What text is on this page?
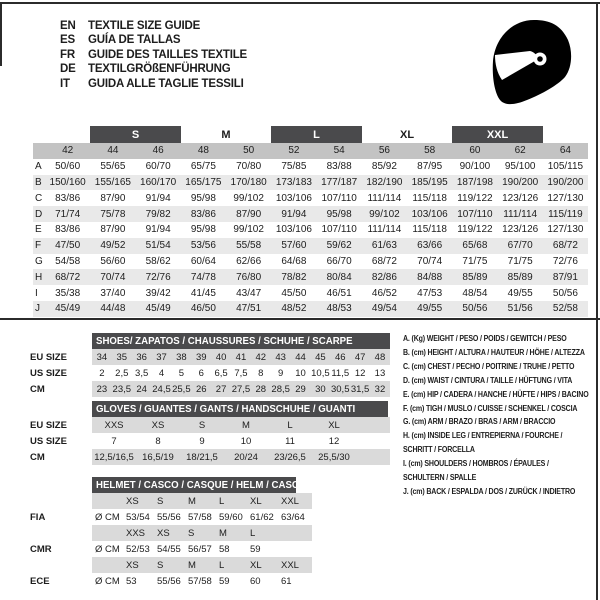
EN	TEXTILE SIZE GUIDE
ES	GUÍA DE TALLAS
FR	GUIDE DES TAILLES TEXTILE
DE	TEXTILGRÖßENFÜHRUNG
IT	GUIDA ALLE TAGLIE TESSILI
		S		M		L		XL		XXL		
	42	44	46	48	50	52	54	56	58	60	62	64
A	50/60	55/65	60/70	65/75	70/80	75/85	83/88	85/92	87/95	90/100	95/100	105/115
B	150/160	155/165	160/170	165/175	170/180	173/183	177/187	182/190	185/195	187/198	190/200	190/200
C	83/86	87/90	91/94	95/98	99/102	103/106	107/110	111/114	115/118	119/122	123/126	127/130
D	71/74	75/78	79/82	83/86	87/90	91/94	95/98	99/102	103/106	107/110	111/114	115/119
E	83/86	87/90	91/94	95/98	99/102	103/106	107/110	111/114	115/118	119/122	123/126	127/130
F	47/50	49/52	51/54	53/56	55/58	57/60	59/62	61/63	63/66	65/68	67/70	68/72
G	54/58	56/60	58/62	60/64	62/66	64/68	66/70	68/72	70/74	71/75	71/75	72/76
H	68/72	70/74	72/76	74/78	76/80	78/82	80/84	82/86	84/88	85/89	85/89	87/91
I	35/38	37/40	39/42	41/45	43/47	45/50	46/51	46/52	47/53	48/54	49/55	50/56
J	45/49	44/48	45/49	46/50	47/51	48/52	48/53	49/54	49/55	50/56	51/56	52/58
SHOES/ ZAPATOS / CHAUSSURES / SCHUHE / SCARPE
EU SIZE	34 35 36 37 38 39 40 41 42 43 44 45 46 47 48
US SIZE	2	2,5 3,5	4	5	6	6,5 7,5	8	9	10 10,5 11,5 12 13
CM	23 23,5 24 24,5 25,5 26 27 27,5 28 28,5 29 30 30,5 31,5 32
GLOVES / GUANTES / GANTS / HANDSCHUHE / GUANTI
EU SIZE	XXS	XS	S	M	L	XL
US SIZE	7	8	9	10	11	12
CM	12,5/16,5 16,5/19	18/21,5	20/24	23/26,5	25,5/30
HELMET / CASCO / CASQUE / HELM / CASCO
XS	S	M	L	XL	XXL
FIA	Ø CM 53/54 55/56 57/58 59/60 61/62 63/64
XXS	XS	S	M	L
CMR	Ø CM 52/53 54/55 56/57 58	59
XS	S	M	L	XL	XXL
ECE	Ø CM 53	55/56 57/58 59	60	61
A. (Kg) WEIGHT / PESO / POIDS / GEWITCH / PESO
B. (cm) HEIGHT / ALTURA / HAUTEUR / HÖHE / ALTEZZA
C. (cm) CHEST / PECHO / POITRINE / TRUHE / PETTO
D. (cm) WAIST / CINTURA / TAILLE / HÜFTUNG / VITA
E. (cm) HIP / CADERA / HANCHE / HÜFTE / HIPS / BACINO
F. (cm) TIGH / MUSLO / CUISSE / SCHENKEL / COSCIA
G. (cm) ARM / BRAZO / BRAS / ARM / BRACCIO
H. (cm) INSIDE LEG / ENTREPIERNA / FOURCHE /
SCHRITT / FORCELLA
I. (cm) SHOULDERS / HOMBROS / ÉPAULES /
SCHULTERN / SPALLE
J. (cm) BACK / ESPALDA / DOS / ZURÜCK / INDIETRO
